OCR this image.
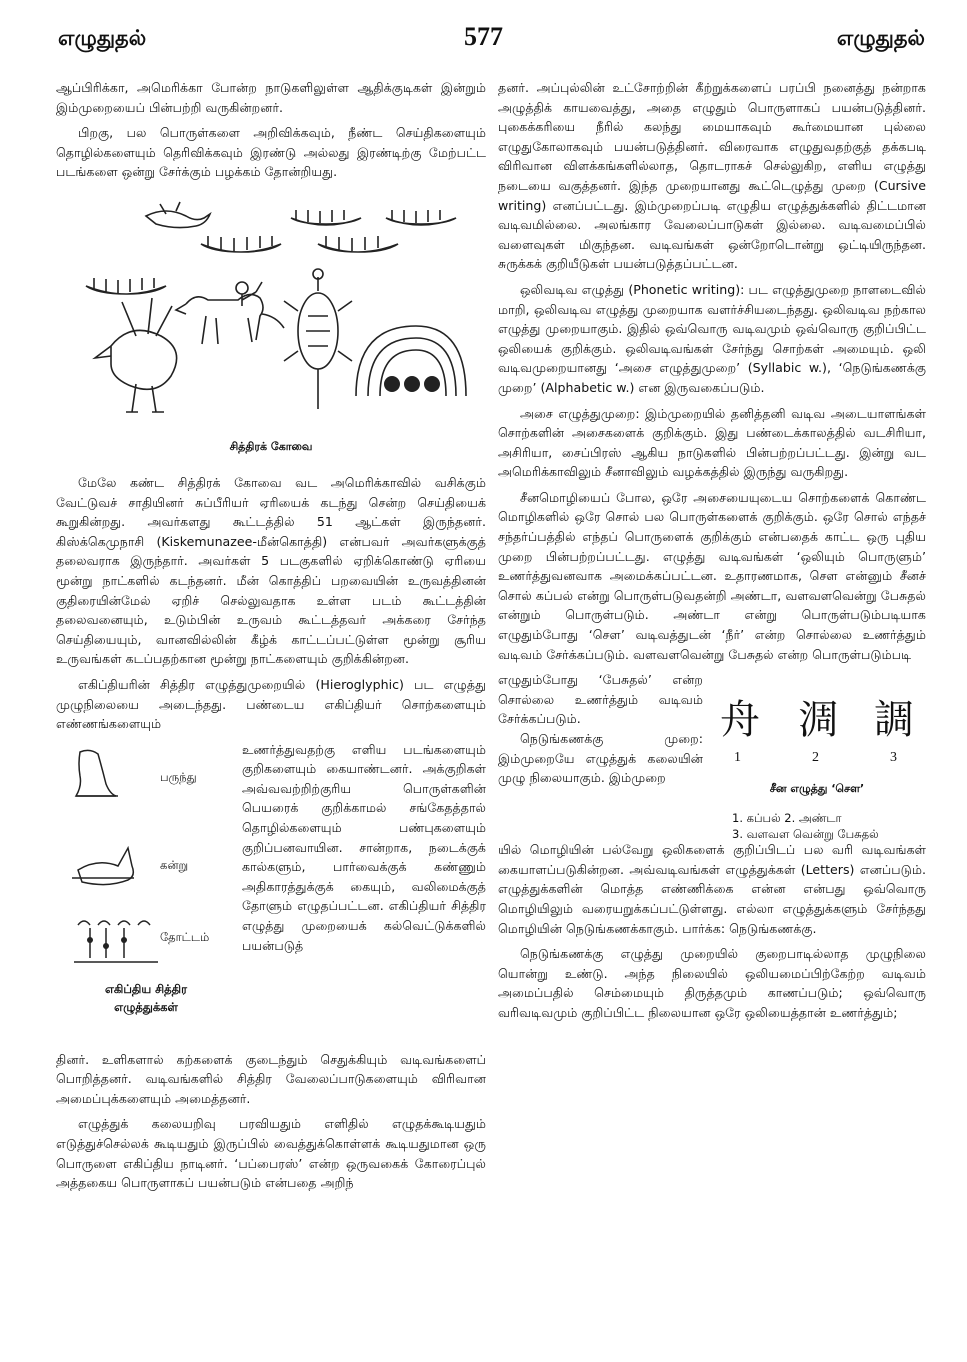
எழுதுதல்	577	எழுதுதல்

ஆப்பிரிக்கா, அமெரிக்கா போன்ற நாடுகளிலுள்ள ஆதிக்குடிகள் இன்றும் இம்முறையைப் பின்பற்றி வருகின்றனர்.

பிறகு, பல பொருள்களை அறிவிக்கவும், நீண்ட செய்திகளையும் தொழில்களையும் தெரிவிக்கவும் இரண்டு அல்லது இரண்டிற்கு மேற்பட்ட படங்களை ஒன்று சேர்க்கும் பழக்கம் தோன்றியது.

சித்திரக் கோவை

மேலே கண்ட சித்திரக் கோவை வட அமெரிக்காவில் வசிக்கும் வேட்டுவச் சாதியினர் சுப்பீரியர் ஏரியைக் கடந்து சென்ற செய்தியைக் கூறுகின்றது. அவர்களது கூட்டத்தில் 51 ஆட்கள் இருந்தனர். கிஸ்க்கெமுநாசி (Kiskemunazee-மீன்கொத்தி) என்பவர் அவர்களுக்குத் தலைவராக இருந்தார். அவர்கள் 5 படகுகளில் ஏறிக்கொண்டு ஏரியை மூன்று நாட்களில் கடந்தனர். மீன் கொத்திப் பறவையின் உருவத்தினன் குதிரையின்மேல் ஏறிச் செல்லுவதாக உள்ள படம் கூட்டத்தின் தலைவனையும், உடும்பின் உருவம் கூட்டத்தவர் அக்கரை சேர்ந்த செய்தியையும், வானவில்லின் கீழ்க் காட்டப்பட்டுள்ள மூன்று சூரிய உருவங்கள் கடப்பதற்கான மூன்று நாட்களையும் குறிக்கின்றன.

எகிப்தியரின் சித்திர எழுத்துமுறையில் (Hieroglyphic) பட எழுத்து முழுநிலையை அடைந்தது. பண்டைய எகிப்தியர் சொற்களையும் எண்ணங்களையும்

பருந்து
கன்று
தோட்டம்
எகிப்திய சித்திர
எழுத்துக்கள்

உணர்த்துவதற்கு எளிய படங்களையும் குறிகளையும் கையாண்டனர். அக்குறிகள் அவ்வவற்றிற்குரிய பொருள்களின் பெயரைக் குறிக்காமல் சங்கேதத்தால் தொழில்களையும் பண்புகளையும் குறிப்பனவாயின. சான்றாக, நடைக்குக் கால்களும், பார்வைக்குக் கண்ணும் அதிகாரத்துக்குக் கையும், வலிமைக்குத் தோளும் எழுதப்பட்டன. எகிப்தியர் சித்திர எழுத்து முறையைக் கல்வெட்டுக்களில் பயன்படுத்

தினர். உளிகளால் கற்களைக் குடைந்தும் செதுக்கியும் வடிவங்களைப் பொறித்தனர். வடிவங்களில் சித்திர வேலைப்பாடுகளையும் விரிவான அமைப்புக்களையும் அமைத்தனர்.

எழுத்துக் கலையறிவு பரவியதும் எளிதில் எழுதக்கூடியதும் எடுத்துச்செல்லக் கூடியதும் இருப்பில் வைத்துக்கொள்ளக் கூடியதுமான ஒரு பொருளை எகிப்திய நாடினர். ‘பப்பைரஸ்’ என்ற ஒருவகைக் கோரைப்புல் அத்தகைய பொருளாகப் பயன்படும் என்பதை அறிந்

தனர். அப்புல்லின் உட்சோற்றின் கீற்றுக்களைப் பரப்பி நனைத்து நன்றாக அழுத்திக் காயவைத்து, அதை எழுதும் பொருளாகப் பயன்படுத்தினர். புகைக்கரியை நீரில் கலந்து மையாகவும் கூர்மையான புல்லை எழுதுகோலாகவும் பயன்படுத்தினர். விரைவாக எழுதுவதற்குத் தக்கபடி விரிவான விளக்கங்களில்லாத, தொடராகச் செல்லுகிற, எளிய எழுத்து நடையை வகுத்தனர். இந்த முறையானது கூட்டெழுத்து முறை (Cursive writing) எனப்பட்டது. இம்முறைப்படி எழுதிய எழுத்துக்களில் திட்டமான வடிவமில்லை. அலங்கார வேலைப்பாடுகள் இல்லை. வடிவமைப்பில் வளைவுகள் மிகுந்தன. வடிவங்கள் ஒன்றோடொன்று ஒட்டியிருந்தன. சுருக்கக் குறியீடுகள் பயன்படுத்தப்பட்டன.

ஒலிவடிவ எழுத்து (Phonetic writing): பட எழுத்துமுறை நாளடைவில் மாறி, ஒலிவடிவ எழுத்து முறையாக வளர்ச்சியடைந்தது. ஒலிவடிவ நற்கால எழுத்து முறையாகும். இதில் ஒவ்வொரு வடிவமும் ஒவ்வொரு குறிப்பிட்ட ஒலியைக் குறிக்கும். ஒலிவடிவங்கள் சேர்ந்து சொற்கள் அமையும். ஒலி வடிவமுறையானது ‘அசை எழுத்துமுறை’ (Syllabic w.), ‘நெடுங்கணக்கு முறை’ (Alphabetic w.) என இருவகைப்படும்.

அசை எழுத்துமுறை: இம்முறையில் தனித்தனி வடிவ அடையாளங்கள் சொற்களின் அசைகளைக் குறிக்கும். இது பண்டைக்காலத்தில் வடசிரியா, அசிரியா, சைப்பிரஸ் ஆகிய நாடுகளில் பின்பற்றப்பட்டது. இன்று வட அமெரிக்காவிலும் சீனாவிலும் வழக்கத்தில் இருந்து வருகிறது.

சீனமொழியைப் போல, ஒரே அசையையுடைய சொற்களைக் கொண்ட மொழிகளில் ஒரே சொல் பல பொருள்களைக் குறிக்கும். ஒரே சொல் எந்தச் சந்தர்ப்பத்தில் எந்தப் பொருளைக் குறிக்கும் என்பதைக் காட்ட ஒரு புதிய முறை பின்பற்றப்பட்டது. எழுத்து வடிவங்கள் ‘ஒலியும் பொருளும்’ உணர்த்துவனவாக அமைக்கப்பட்டன. உதாரணமாக, சௌ என்னும் சீனச் சொல் கப்பல் என்று பொருள்படுவதன்றி அண்டா, வளவளவென்று பேசுதல் என்றும் பொருள்படும். அண்டா என்று பொருள்படும்படியாக எழுதும்போது ‘சௌ’ வடிவத்துடன் ‘நீர்’ என்ற சொல்லை உணர்த்தும் வடிவம் சேர்க்கப்படும். வளவளவென்று பேசுதல் என்ற பொருள்படும்படி

எழுதும்போது ‘பேசுதல்’ என்ற சொல்லை உணர்த்தும் வடிவம் சேர்க்கப்படும்.

நெடுங்கணக்கு முறை: இம்முறையே எழுத்துக் கலையின் முழு நிலையாகும். இம்முறை

舟 淍 調
1	2	3
சீன எழுத்து ‘சௌ’
1. கப்பல் 2. அண்டா
3. வளவள வென்று பேசுதல்

யில் மொழியின் பல்வேறு ஒலிகளைக் குறிப்பிடப் பல வரி வடிவங்கள் கையாளப்படுகின்றன. அவ்வடிவங்கள் எழுத்துக்கள் (Letters) எனப்படும். எழுத்துக்களின் மொத்த எண்ணிக்கை என்ன என்பது ஒவ்வொரு மொழியிலும் வரையறுக்கப்பட்டுள்ளது. எல்லா எழுத்துக்களும் சேர்ந்தது மொழியின் நெடுங்கணக்காகும். பார்க்க: நெடுங்கணக்கு.

நெடுங்கணக்கு எழுத்து முறையில் குறைபாடில்லாத முழுநிலை யொன்று உண்டு. அந்த நிலையில் ஒலியமைப்பிற்கேற்ற வடிவம் அமைப்பதில் செம்மையும் திருத்தமும் காணப்படும்; ஒவ்வொரு வரிவடிவமும் குறிப்பிட்ட நிலையான ஒரே ஒலியைத்தான் உணர்த்தும்;
